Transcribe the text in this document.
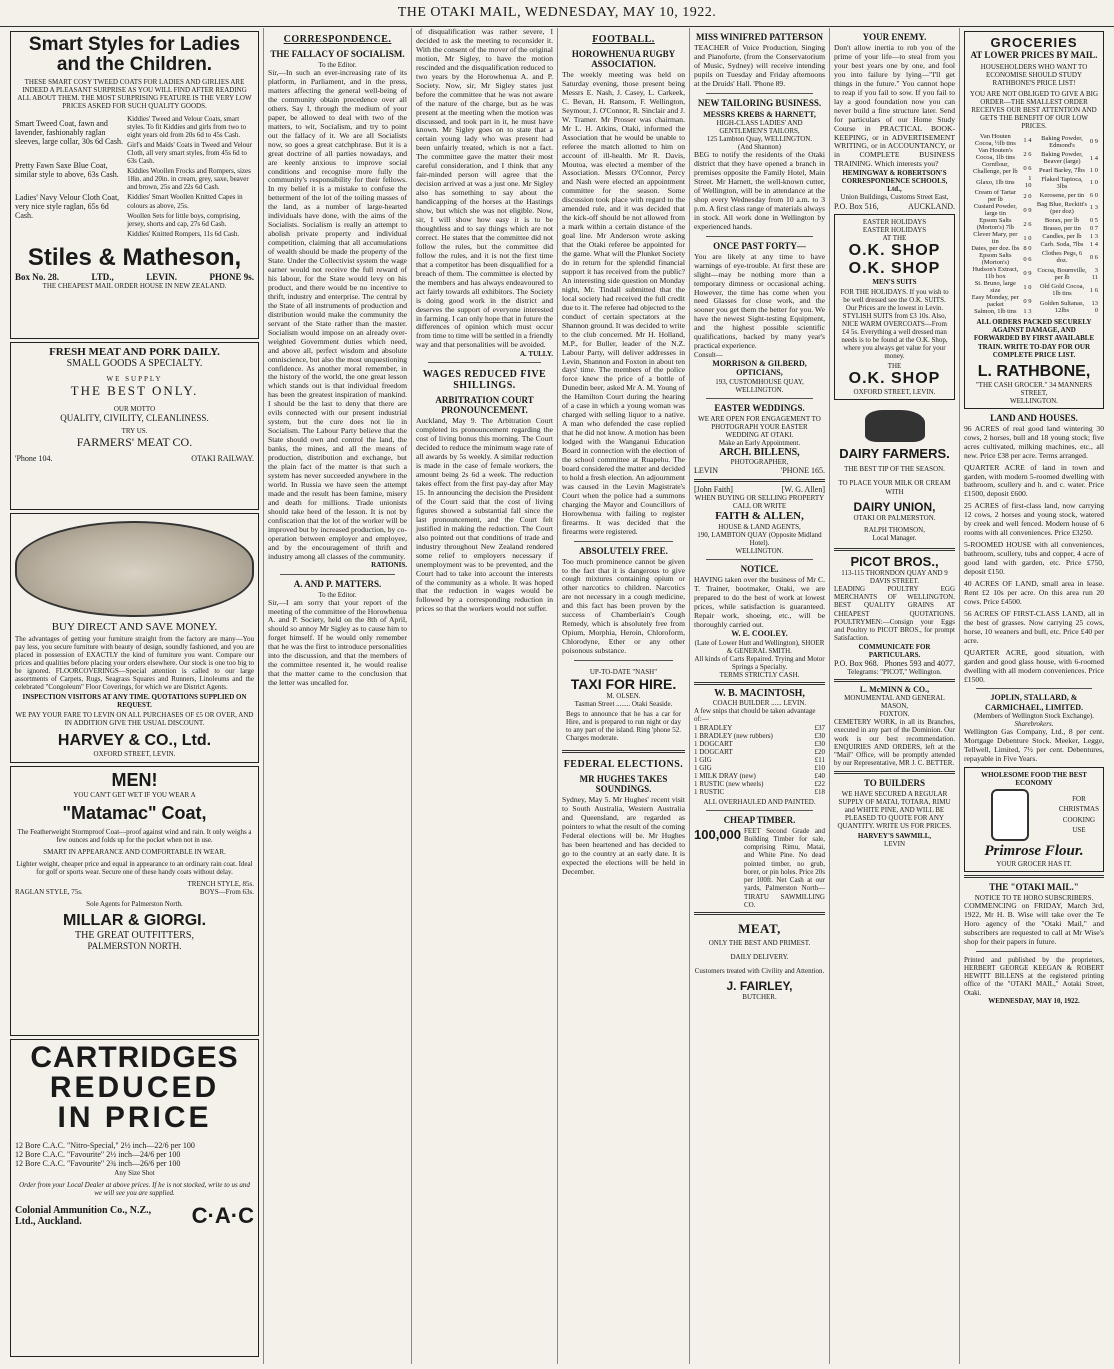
THE OTAKI MAIL, WEDNESDAY, MAY 10, 1922.
Smart Styles for Ladies and the Children.

THESE SMART COSY TWEED COATS FOR LADIES AND GIRLIES ARE INDEED A PLEASANT SURPRISE AS YOU WILL FIND AFTER READING ALL ABOUT THEM. THE MOST SURPRISING FEATURE IS THE VERY LOW PRICES ASKED FOR SUCH QUALITY GOODS.

Smart Tweed Coat, fawn and lavender, fashionably raglan sleeves, large collar, 30s 6d Cash.

Pretty Fawn Saxe Blue Coat, similar style to above, 63s Cash.

Ladies' Navy Velour Cloth Coat, very nice style raglan, 65s 6d Cash.

Kiddies' Tweed and Velour Coats, smart styles. To fit Kiddies and girls from two to eight years old from 20s 6d to 45s Cash.

Girl's and Maids' Coats in Tweed and Velour Cloth, all very smart styles, from 45s 6d to 63s Cash.

Kiddies Woollen Frocks and Rompers, sizes 18in. and 20in. in cream, grey, saxe, beaver and brown, 25s and 22s 6d Cash.

Kiddies' Smart Woollen Knitted Capes in colours as above, 25s.

Woollen Sets for little boys, comprising, jersey, shorts and cap, 27s 6d Cash.

Kiddies' Knitted Rompers, 11s 6d Cash.

Stiles & Matheson,
Box No. 28.	LTD.,	LEVIN.	PHONE 9s.
THE CHEAPEST MAIL ORDER HOUSE IN NEW ZEALAND.
FRESH MEAT AND PORK DAILY.
SMALL GOODS A SPECIALTY.
WE SUPPLY
THE BEST ONLY.
OUR MOTTO
QUALITY, CIVILITY, CLEANLINESS.
TRY US.
FARMERS' MEAT CO.
'Phone 104.	OTAKI RAILWAY.
BUY DIRECT AND SAVE MONEY.

The advantages of getting your furniture straight from the factory are many—You pay less, you secure furniture with beauty of design, soundly fashioned, and you are placed in possession of EXACTLY the kind of furniture you want. Compare our prices and qualities before placing your orders elsewhere. Our stock is one too big to be ignored. FLOORCOVERINGS—Special attention is called to our large assortments of Carpets, Rugs, Seagrass Squares and Runners, Linoleums and the celebrated "Congoleum" Floor Coverings, for which we are District Agents.

INSPECTION VISITORS AT ANY TIME. QUOTATIONS SUPPLIED ON REQUEST.
WE PAY YOUR FARE TO LEVIN ON ALL PURCHASES OF £5 OR OVER, AND IN ADDITION GIVE THE USUAL DISCOUNT.
HARVEY & CO., Ltd.
OXFORD STREET, LEVIN.
MEN!
YOU CAN'T GET WET IF YOU WEAR A
"Matamac" Coat,

The Featherweight Stormproof Coat—proof against wind and rain. It only weighs a few ounces and folds up for the pocket when not in use.

SMART IN APPEARANCE AND COMFORTABLE IN WEAR.

Lighter weight, cheaper price and equal in appearance to an ordinary rain coat. Ideal for golf or sports wear. Secure one of these handy coats without delay.

TRENCH STYLE, 85s.
RAGLAN STYLE, 75s.	BOYS—From 63s.
Sole Agents for Palmerston North.
MILLAR & GIORGI.
THE GREAT OUTFITTERS,
PALMERSTON NORTH.
CARTRIDGES
REDUCED
IN PRICE
12 Bore C.A.C. "Nitro-Special," 2½ inch—22/6 per 100
12 Bore C.A.C. "Favourite" 2½ inch—24/6 per 100
12 Bore C.A.C. "Favourite" 2¾ inch—26/6 per 100
Any Size Shot
Order from your Local Dealer at above prices. If he is not stocked, write to us and we will see you are supplied.
Colonial Ammunition Co., N.Z., Ltd., Auckland.	C·A·C
CORRESPONDENCE.
THE FALLACY OF SOCIALISM.
To the Editor.

Sir,—In such an ever-increasing rate of its platform, in Parliament, and in the press, matters affecting the general well-being of the community obtain precedence over all others. Say I, through the medium of your paper, be allowed to deal with two of the matters, to wit, Socialism, and try to point out the fallacy of it. We are all Socialists now, so goes a great catchphrase. But it is a great doctrine of all parties nowadays, and are keenly anxious to improve social conditions and recognise more fully the community's responsibility for their fellows. In my belief it is a mistake to confuse the betterment of the lot of the toiling masses of the land, as a number of large-hearted individuals have done, with the aims of the Socialists. Socialism is really an attempt to abolish private property and individual competition, claiming that all accumulations of wealth should be made the property of the State. Under the Collectivist system the wage earner would not receive the full reward of his labour, for the State would levy on his product, and there would be no incentive to thrift, industry and enterprise. The central by the State of all instruments of production and distribution would make the community the servant of the State rather than the master. Socialism would impose on an already over-weighted Government duties which need, and above all, perfect wisdom and absolute omniscience, but also the most unquestioning confidence. As another moral remember, in the history of the world, the one great lesson which stands out is that individual freedom has been the greatest inspiration of mankind. I should be the last to deny that there are evils connected with our present industrial system, but the cure does not lie in Socialism. The Labour Party believe that the State should own and control the land, the banks, the mines, and all the means of production, distribution and exchange, but the plain fact of the matter is that such a system has never succeeded anywhere in the world. In Russia we have seen the attempt made and the result has been famine, misery and death for millions. Trade unionists should take heed of the lesson. It is not by confiscation that the lot of the worker will be improved but by increased production, by co-operation between employer and employee, and by the encouragement of thrift and industry among all classes of the community.

RATIONIS.
A. AND P. MATTERS.
To the Editor.

Sir,—I am sorry that your report of the meeting of the committee of the Horowhenua A. and P. Society, held on the 8th of April, should so annoy Mr Sigley as to cause him to forget himself. If he would only remember that he was the first to introduce personalities into the discussion, and that the members of the committee resented it, he would realise that the matter came to the conclusion that the letter was uncalled for.

of disqualification was rather severe, I decided to ask the meeting to reconsider it. With the consent of the mover of the original motion, Mr Sigley, to have the motion rescinded and the disqualification reduced to two years by the Horowhenua A. and P. Society. Now, sir, Mr Sigley states just before the committee that he was not aware of the nature of the charge, but as he was present at the meeting when the motion was discussed, and took part in it, he must have known. Mr Sigley goes on to state that a certain young lady who was present had been unfairly treated, which is not a fact. The committee gave the matter their most careful consideration, and I think that any fair-minded person will agree that the decision arrived at was a just one. Mr Sigley also has something to say about the handicapping of the horses at the Hastings show, but which she was not eligible. Now, sir, I will show how easy it is to be thoughtless and to say things which are not correct. He states that the committee did not follow the rules, but the committee did follow the rules, and it is not the first time that a competitor has been disqualified for a breach of them. The committee is elected by the members and has always endeavoured to act fairly towards all exhibitors. The Society is doing good work in the district and deserves the support of everyone interested in farming. I can only hope that in future the differences of opinion which must occur from time to time will be settled in a friendly way and that personalities will be avoided.

A. TULLY.
WAGES REDUCED FIVE SHILLINGS.
ARBITRATION COURT PRONOUNCEMENT.

Auckland, May 9. The Arbitration Court completed its pronouncement regarding the cost of living bonus this morning. The Court decided to reduce the minimum wage rate of all awards by 5s weekly. A similar reduction is made in the case of female workers, the amount being 2s 6d a week. The reduction takes effect from the first pay-day after May 15. In announcing the decision the President of the Court said that the cost of living figures showed a substantial fall since the last pronouncement, and the Court felt justified in making the reduction. The Court also pointed out that conditions of trade and industry throughout New Zealand rendered some relief to employers necessary if unemployment was to be prevented, and the Court had to take into account the interests of the community as a whole. It was hoped that the reduction in wages would be followed by a corresponding reduction in prices so that the workers would not suffer.

FOOTBALL.
HOROWHENUA RUGBY ASSOCIATION.

The weekly meeting was held on Saturday evening, those present being Messrs E. Nash, J. Casey, L. Carkeek, C. Bevan, H. Ransom, F. Wellington, Seymour, J. O'Connor, R. Sinclair and J. W. Tramer. Mr Prosser was chairman. Mr L. H. Atkins, Otaki, informed the Association that he would be unable to referee the match allotted to him on account of ill-health. Mr R. Davis, Moutoa, was elected a member of the Association. Messrs O'Connor, Percy and Nash were elected an appointment committee for the season. Some discussion took place with regard to the amended rule, and it was decided that the kick-off should be not allowed from a mark within a certain distance of the goal line. Mr Anderson wrote asking that the Otaki referee be appointed for the game. What will the Plunket Society do in return for the splendid financial support it has received from the public? An interesting side question on Monday night, Mr. Tindall submitted that the local society had received the full credit due to it. The referee had objected to the conduct of certain spectators at the Shannon ground. It was decided to write to the club concerned. Mr H. Holland, M.P., for Buller, leader of the N.Z. Labour Party, will deliver addresses in Levin, Shannon and Foxton in about ten days' time. The members of the police force knew the price of a bottle of Dunedin beer, asked Mr A. M. Young of the Hamilton Court during the hearing of a case in which a young woman was charged with selling liquor to a native. A man who defended the case replied that he did not know. A motion has been lodged with the Wanganui Education Board in connection with the election of the school committee at Ruapehu. The board considered the matter and decided to hold a fresh election. An adjournment was caused in the Levin Magistrate's Court when the police had a summons charging the Mayor and Councillors of Horowhenua with failing to register firearms. It was decided that the firearms were registered.

ABSOLUTELY FREE.

Too much prominence cannot be given to the fact that it is dangerous to give cough mixtures containing opium or other narcotics to children. Narcotics are not necessary in a cough medicine, and this fact has been proven by the success of Chamberlain's Cough Remedy, which is absolutely free from Opium, Morphia, Heroin, Chloroform, Chlorodyne, Ether or any other poisonous substance.

UP-TO-DATE "NASH"
TAXI FOR HIRE.
M. OLSEN.
Tasman Street ........ Otaki Seaside.

Begs to announce that he has a car for Hire, and is prepared to run night or day to any part of the island. Ring 'phone 52. Charges moderate.

FEDERAL ELECTIONS.
MR HUGHES TAKES SOUNDINGS.

Sydney, May 5. Mr Hughes' recent visit to South Australia, Western Australia and Queensland, are regarded as pointers to what the result of the coming Federal elections will be. Mr Hughes has been heartened and has decided to go to the country at an early date. It is expected the elections will be held in December.

MISS WINIFRED PATTERSON

TEACHER of Voice Production, Singing and Pianoforte, (from the Conservatorium of Music, Sydney) will receive intending pupils on Tuesday and Friday afternoons at the Druids' Hall. 'Phone 89.

NEW TAILORING BUSINESS.
MESSRS KREBS & HARNETT,
HIGH-CLASS LADIES' AND GENTLEMEN'S TAILORS,
125 Lambton Quay, WELLINGTON.
(And Shannon)

BEG to notify the residents of the Otaki district that they have opened a branch in premises opposite the Family Hotel, Main Street. Mr Harnett, the well-known cutter, of Wellington, will be in attendance at the shop every Wednesday from 10 a.m. to 3 p.m. A first class range of materials always in stock. All work done in Wellington by experienced hands.

ONCE PAST FORTY—

You are likely at any time to have warnings of eye-trouble. At first these are slight—may be nothing more than a temporary dimness or occasional aching. However, the time has come when you need Glasses for close work, and the sooner you get them the better for you. We have the newest Sight-testing Equipment, and the highest possible scientific qualifications, backed by many year's practical experience.

Consult—
MORRISON & GILBERD, OPTICIANS,
193, CUSTOMHOUSE QUAY, WELLINGTON.
EASTER WEDDINGS.
WE ARE OPEN FOR ENGAGEMENT TO PHOTOGRAPH YOUR EASTER WEDDING AT OTAKI.
Make an Early Appointment.
ARCH. BILLENS,
PHOTOGRAPHER,
LEVIN	'PHONE 165.
[John Faith]	[W. G. Allen]
WHEN BUYING OR SELLING PROPERTY CALL OR WRITE
FAITH & ALLEN,
HOUSE & LAND AGENTS,
190, LAMBTON QUAY (Opposite Midland Hotel).
WELLINGTON.
NOTICE.

HAVING taken over the business of Mr C. T. Trainer, bootmaker, Otaki, we are prepared to do the best of work at lowest prices, while satisfaction is guaranteed. Repair work, shoeing, etc., will be thoroughly carried out.

W. E. COOLEY.
(Late of Lower Hutt and Wellington), SHOER & GENERAL SMITH.
All kinds of Carts Repaired. Trying and Motor Springs a Specialty.
TERMS STRICTLY CASH.
W. B. MACINTOSH,
COACH BUILDER ...... LEVIN.
A few snips that chould be taken advantage of:—
1 BRADLEY	£37
1 BRADLEY (new rubbers)	£30
1 DOGCART	£30
1 DOGCART	£20
1 GIG	£11
1 GIG	£10
1 MILK DRAY (new)	£40
1 RUSTIC (new wheels)	£22
1 RUSTIC	£18
ALL OVERHAULED AND PAINTED.
CHEAP TIMBER.
100,000 FEET Second Grade and Building Timber for sale, comprising Rimu, Matai, and White Pine. No dead pointed timber, no grub, borer, or pin holes. Price 20s per 100ft. Net Cash at our yards, Palmerston North—TIRATU SAWMILLING CO.

MEAT,
ONLY THE BEST AND PRIMEST.
DAILY DELIVERY.
Customers treated with Civility and Attention.
J. FAIRLEY,
BUTCHER.
YOUR ENEMY.

Don't allow inertia to rob you of the prime of your life—to steal from you your best years one by one, and fool you into failure by lying—"I'll get things in the future." You cannot hope to reap if you fail to sow. If you fail to lay a good foundation now you can never build a fine structure later. Send for particulars of our Home Study Course in PRACTICAL BOOK-KEEPING, or in ADVERTISEMENT WRITING, or in ACCOUNTANCY, or in COMPLETE BUSINESS TRAINING. Which interests you?

HEMINGWAY & ROBERTSON'S CORRESPONDENCE SCHOOLS, Ltd.,
Union Buildings, Customs Street East,
P.O. Box 516,	AUCKLAND.
EASTER HOLIDAYS
EASTER HOLIDAYS
AT THE
O.K. SHOP
O.K. SHOP
MEN'S SUITS

FOR THE HOLIDAYS. If you wish to be well dressed see the O.K. SUITS. Our Prices are the lowest in Levin. STYLISH SUITS from £3 10s. Also, NICE WARM OVERCOATS—From £4 5s. Everything a well dressed man needs is to be found at the O.K. Shop, where you always get value for your money.

THE
O.K. SHOP
OXFORD STREET, LEVIN.
DAIRY FARMERS.
THE BEST TIP OF THE SEASON.
TO PLACE YOUR MILK OR CREAM WITH
DAIRY UNION,
OTAKI OR PALMERSTON.
RALPH THOMSON,
Local Manager.
PICOT BROS.,
113-115 THORNDON QUAY AND 9 DAVIS STREET.

LEADING POULTRY EGG MERCHANTS OF WELLINGTON. BEST QUALITY GRAINS AT CHEAPEST QUOTATIONS. POULTRYMEN:—Consign your Eggs and Poultry to PICOT BROS., for prompt Satisfaction.

COMMUNICATE FOR PARTICULARS.
P.O. Box 968. Phones 593 and 4077.
Telegrams: "PICOT," Wellington.
L. McMINN & CO.,
MONUMENTAL AND GENERAL MASON,
FOXTON.

CEMETERY WORK, in all its Branches, executed in any part of the Dominion. Our work is our best recommendation. ENQUIRIES AND ORDERS, left at the "Mail" Office, will be promptly attended by our Representative, MR J. C. BETTER.

TO BUILDERS

WE HAVE SECURED A REGULAR SUPPLY OF MATAI, TOTARA, RIMU and WHITE PINE, AND WILL BE PLEASED TO QUOTE FOR ANY QUANTITY. WRITE US FOR PRICES.

HARVEY'S SAWMILL,
LEVIN
GROCERIES
AT LOWER PRICES BY MAIL.
HOUSEHOLDERS WHO WANT TO ECONOMISE SHOULD STUDY RATHBONE'S PRICE LIST!
YOU ARE NOT OBLIGED TO GIVE A BIG ORDER—THE SMALLEST ORDER RECEIVES OUR BEST ATTENTION AND GETS THE BENEFIT OF OUR LOW PRICES.
Van Houten Cocoa, ½lb tins	1 4
Van Houten's Cocoa, 1lb tins	2 6
Cornflour, Challenge, per lb	0 6
Glaxo, 1lb tins	1 10
Cream of Tartar per lb	2 0
Custard Powder, large tin	0 9
Epsom Salts (Morton's) 7lb	2 6
Clever Mary, per tin	1 0
Dates, per doz. lbs	8 0
Epsom Salts (Morton's)	0 6
Hudson's Extract, 11b box	0 9
St. Bruno, large size	1 0
Easy Monday, per packet	0 9
Salmon, 1lb tins	1 3
Baking Powder, Edmond's	0 9
Baking Powder, Beaver (large)	1 4
Pearl Barley, 7lbs	1 0
Flaked Tapioca, 3lbs	1 0
Kerosene, per tin	6 0
Bag Blue, Reckitt's (per doz)	1 3
Borax, per lb	0 5
Brasso, per tin	0 7
Candles, per lb	1 3
Carb. Soda, 7lbs	1 4
Clothes Pegs, 6 doz.	0 6
Cocoa, Bournville, per lb	3 11
Old Gold Cocoa, 1lb tins	1 6
Golden Sultanas, 12lbs	13 0
ALL ORDERS PACKED SECURELY AGAINST DAMAGE, AND FORWARDED BY FIRST AVAILABLE TRAIN. WRITE TO-DAY FOR OUR COMPLETE PRICE LIST.
L. RATHBONE,
"THE CASH GROCER." 34 MANNERS STREET,
WELLINGTON.
LAND AND HOUSES.

96 ACRES of real good land wintering 30 cows, 2 horses, bull and 18 young stock; five acres cultivated, milking machines, etc., all new. Price £38 per acre. Terms arranged.

QUARTER ACRE of land in town and garden, with modern 5-roomed dwelling with bathroom, scullery and h. and c. water. Price £1500, deposit £600.

25 ACRES of first-class land, now carrying 12 cows, 2 horses and young stock, watered by creek and well fenced. Modern house of 6 rooms with all conveniences. Price £3250.

5-ROOMED HOUSE with all conveniences, bathroom, scullery, tubs and copper, 4 acre of good land with garden, etc. Price £750, deposit £150.

40 ACRES OF LAND, small area in lease. Rent £2 10s per acre. On this area run 20 cows. Price £4500.

56 ACRES OF FIRST-CLASS LAND, all in the best of grasses. Now carrying 25 cows, horse, 10 weaners and bull, etc. Price £40 per acre.

QUARTER ACRE, good situation, with garden and good glass house, with 6-roomed dwelling with all modern conveniences. Price £1500.

JOPLIN, STALLARD, & CARMICHAEL, LIMITED.
(Members of Wellington Stock Exchange).
Sharebrokers.

Wellington Gas Company, Ltd., 8 per cent. Mortgage Debenture Stock. Meeker, Legge, Tellwell, Limited, 7½ per cent. Debentures, repayable in Five Years.

WHOLESOME FOOD THE BEST ECONOMY
FOR
CHRISTMAS
COOKING
USE
Primrose Flour.
YOUR GROCER HAS IT.
THE "OTAKI MAIL."
NOTICE TO TE HORO SUBSCRIBERS.

COMMENCING on FRIDAY, March 3rd, 1922, Mr H. B. Wise will take over the Te Horo agency of the "Otaki Mail," and subscribers are requested to call at Mr Wise's shop for their papers in future.

Printed and published by the proprietors, HERBERT GEORGE KEEGAN & ROBERT HEWITT BILLENS at the registered printing office of the "OTAKI MAIL," Aotaki Street, Otaki.

WEDNESDAY, MAY 10, 1922.
